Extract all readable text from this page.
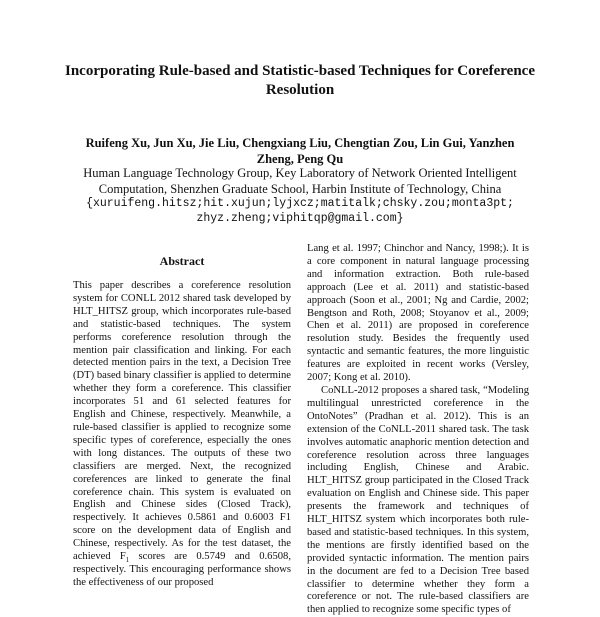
Incorporating Rule-based and Statistic-based Techniques for Coreference Resolution

Ruifeng Xu, Jun Xu, Jie Liu, Chengxiang Liu, Chengtian Zou, Lin Gui, Yanzhen Zheng, Peng Qu

Human Language Technology Group, Key Laboratory of Network Oriented Intelligent Computation, Shenzhen Graduate School, Harbin Institute of Technology, China

{xuruifeng.hitsz;hit.xujun;lyjxcz;matitalk;chsky.zou;monta3pt; zhyz.zheng;viphitqp@gmail.com}

Abstract

This paper describes a coreference resolution system for CONLL 2012 shared task developed by HLT_HITSZ group, which incorporates rule-based and statistic-based techniques. The system performs coreference resolution through the mention pair classification and linking. For each detected mention pairs in the text, a Decision Tree (DT) based binary classifier is applied to determine whether they form a coreference. This classifier incorporates 51 and 61 selected features for English and Chinese, respectively. Meanwhile, a rule-based classifier is applied to recognize some specific types of coreference, especially the ones with long distances. The outputs of these two classifiers are merged. Next, the recognized coreferences are linked to generate the final coreference chain. This system is evaluated on English and Chinese sides (Closed Track), respectively. It achieves 0.5861 and 0.6003 F1 score on the development data of English and Chinese, respectively. As for the test dataset, the achieved $F_1$ scores are 0.5749 and 0.6508, respectively. This encouraging performance shows the effectiveness of our proposed

Lang et al. 1997; Chinchor and Nancy, 1998;). It is a core component in natural language processing and information extraction. Both rule-based approach (Lee et al. 2011) and statistic-based approach (Soon et al., 2001; Ng and Cardie, 2002; Bengtson and Roth, 2008; Stoyanov et al., 2009; Chen et al. 2011) are proposed in coreference resolution study. Besides the frequently used syntactic and semantic features, the more linguistic features are exploited in recent works (Versley, 2007; Kong et al. 2010).

CoNLL-2012 proposes a shared task, “Modeling multilingual unrestricted coreference in the OntoNotes” (Pradhan et al. 2012). This is an extension of the CoNLL-2011 shared task. The task involves automatic anaphoric mention detection and coreference resolution across three languages including English, Chinese and Arabic. HLT_HITSZ group participated in the Closed Track evaluation on English and Chinese side. This paper presents the framework and techniques of HLT_HITSZ system which incorporates both rule-based and statistic-based techniques. In this system, the mentions are firstly identified based on the provided syntactic information. The mention pairs in the document are fed to a Decision Tree based classifier to determine whether they form a coreference or not. The rule-based classifiers are then applied to recognize some specific types of
